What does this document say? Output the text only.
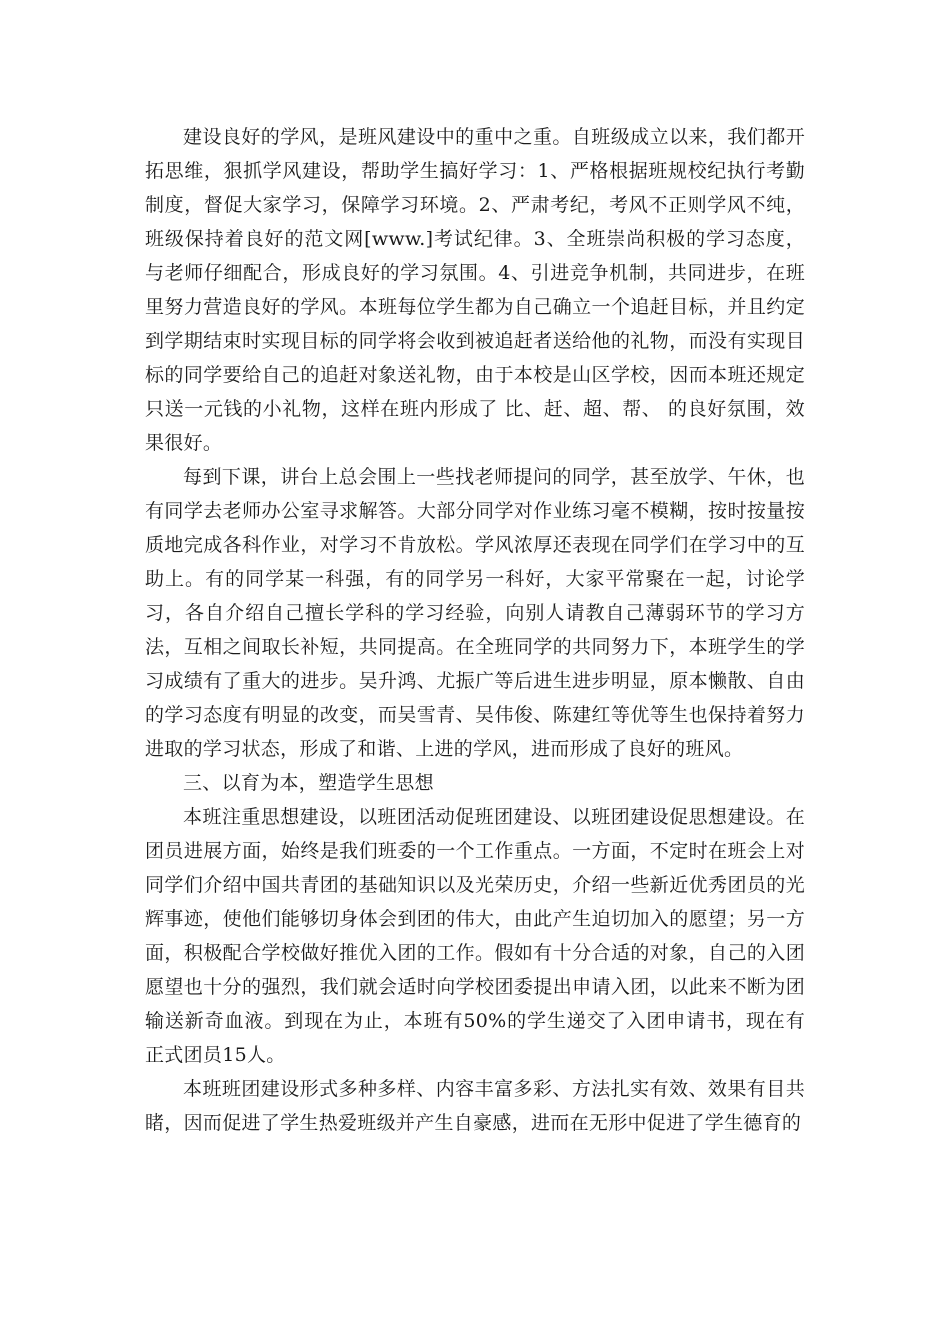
建设良好的学风，是班风建设中的重中之重。自班级成立以来，我们都开拓思维，狠抓学风建设，帮助学生搞好学习：1、严格根据班规校纪执行考勤制度，督促大家学习，保障学习环境。2、严肃考纪，考风不正则学风不纯，班级保持着良好的范文网[www.]考试纪律。3、全班崇尚积极的学习态度，与老师仔细配合，形成良好的学习氛围。4、引进竞争机制，共同进步，在班里努力营造良好的学风。本班每位学生都为自己确立一个追赶目标，并且约定到学期结束时实现目标的同学将会收到被追赶者送给他的礼物，而没有实现目标的同学要给自己的追赶对象送礼物，由于本校是山区学校，因而本班还规定只送一元钱的小礼物，这样在班内形成了 比、赶、超、帮、 的良好氛围，效果很好。

每到下课，讲台上总会围上一些找老师提问的同学，甚至放学、午休，也有同学去老师办公室寻求解答。大部分同学对作业练习毫不模糊，按时按量按质地完成各科作业，对学习不肯放松。学风浓厚还表现在同学们在学习中的互助上。有的同学某一科强，有的同学另一科好，大家平常聚在一起，讨论学习，各自介绍自己擅长学科的学习经验，向别人请教自己薄弱环节的学习方法，互相之间取长补短，共同提高。在全班同学的共同努力下，本班学生的学习成绩有了重大的进步。吴升鸿、尤振广等后进生进步明显，原本懒散、自由的学习态度有明显的改变，而吴雪青、吴伟俊、陈建红等优等生也保持着努力进取的学习状态，形成了和谐、上进的学风，进而形成了良好的班风。

三、以育为本，塑造学生思想

本班注重思想建设，以班团活动促班团建设、以班团建设促思想建设。在团员进展方面，始终是我们班委的一个工作重点。一方面，不定时在班会上对同学们介绍中国共青团的基础知识以及光荣历史，介绍一些新近优秀团员的光辉事迹，使他们能够切身体会到团的伟大，由此产生迫切加入的愿望；另一方面，积极配合学校做好推优入团的工作。假如有十分合适的对象，自己的入团愿望也十分的强烈，我们就会适时向学校团委提出申请入团，以此来不断为团输送新奇血液。到现在为止，本班有50%的学生递交了入团申请书，现在有正式团员15人。

本班班团建设形式多种多样、内容丰富多彩、方法扎实有效、效果有目共睹，因而促进了学生热爱班级并产生自豪感，进而在无形中促进了学生德育的
